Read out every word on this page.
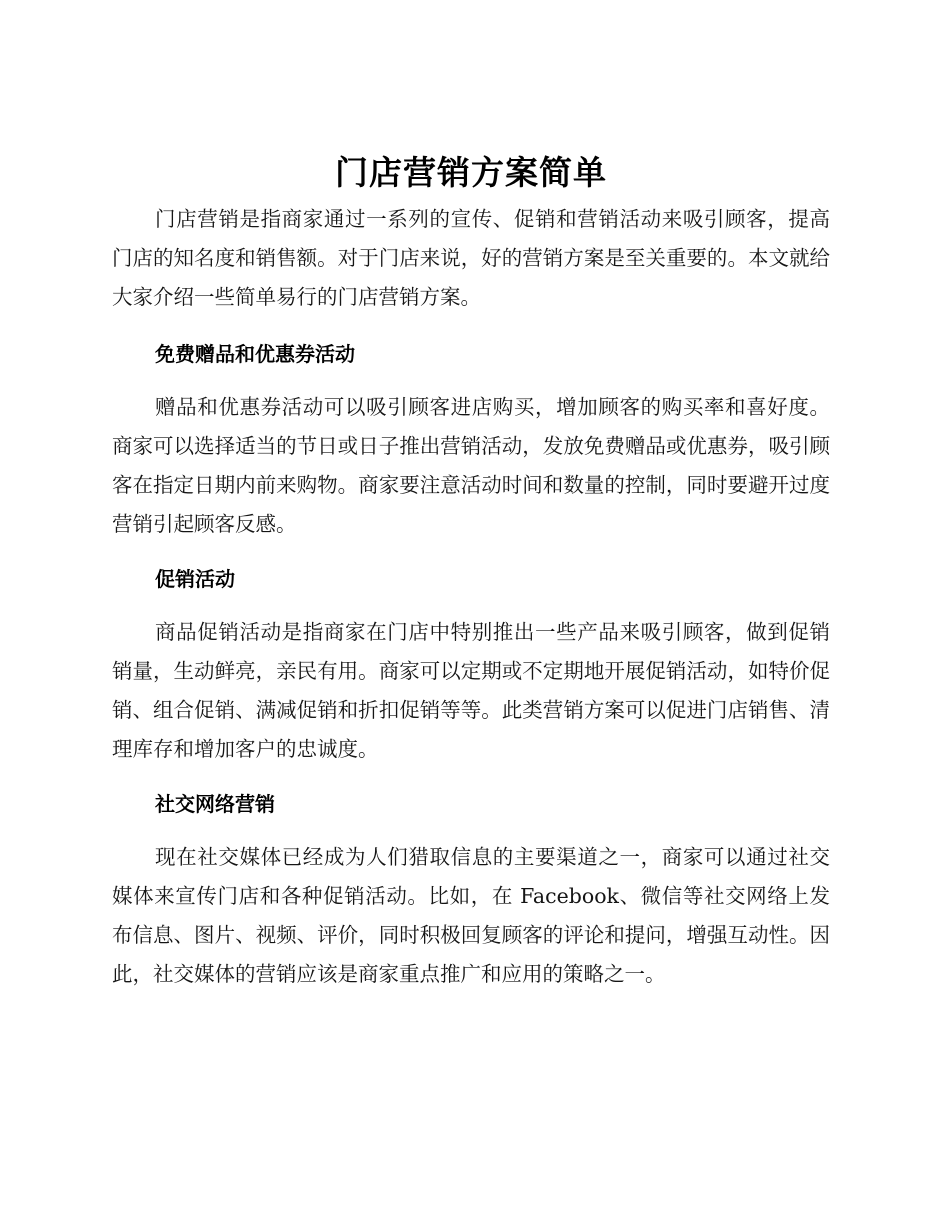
门店营销方案简单

门店营销是指商家通过一系列的宣传、促销和营销活动来吸引顾客，提高门店的知名度和销售额。对于门店来说，好的营销方案是至关重要的。本文就给大家介绍一些简单易行的门店营销方案。

免费赠品和优惠券活动

赠品和优惠券活动可以吸引顾客进店购买，增加顾客的购买率和喜好度。商家可以选择适当的节日或日子推出营销活动，发放免费赠品或优惠券，吸引顾客在指定日期内前来购物。商家要注意活动时间和数量的控制，同时要避开过度营销引起顾客反感。

促销活动

商品促销活动是指商家在门店中特别推出一些产品来吸引顾客，做到促销销量，生动鲜亮，亲民有用。商家可以定期或不定期地开展促销活动，如特价促销、组合促销、满减促销和折扣促销等等。此类营销方案可以促进门店销售、清理库存和增加客户的忠诚度。

社交网络营销

现在社交媒体已经成为人们猎取信息的主要渠道之一，商家可以通过社交媒体来宣传门店和各种促销活动。比如，在 Facebook、微信等社交网络上发布信息、图片、视频、评价，同时积极回复顾客的评论和提问，增强互动性。因此，社交媒体的营销应该是商家重点推广和应用的策略之一。
